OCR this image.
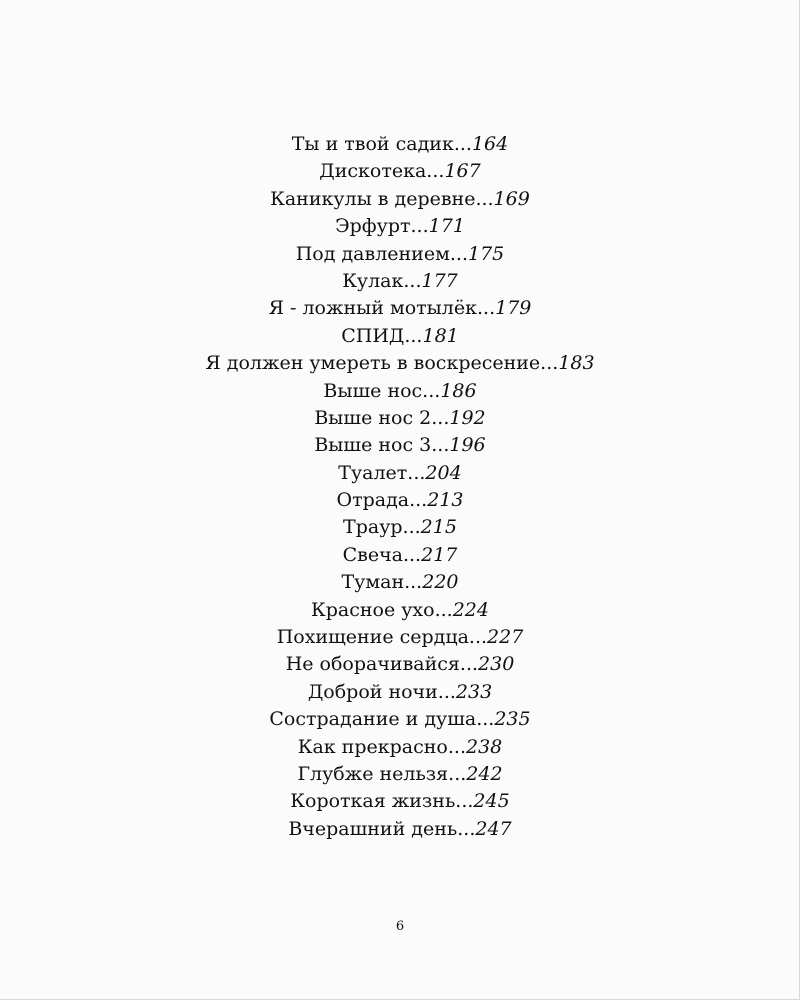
Ты и твой садик...164
Дискотека...167
Каникулы в деревне...169
Эрфурт...171
Под давлением...175
Кулак...177
Я - ложный мотылёк...179
СПИД...181
Я должен умереть в воскресение...183
Выше нос...186
Выше нос 2...192
Выше нос 3...196
Туалет...204
Отрада...213
Траур...215
Свеча...217
Туман...220
Красное ухо...224
Похищение сердца...227
Не оборачивайся...230
Доброй ночи...233
Сострадание и душа...235
Как прекрасно...238
Глубже нельзя...242
Короткая жизнь...245
Вчерашний день...247
6
